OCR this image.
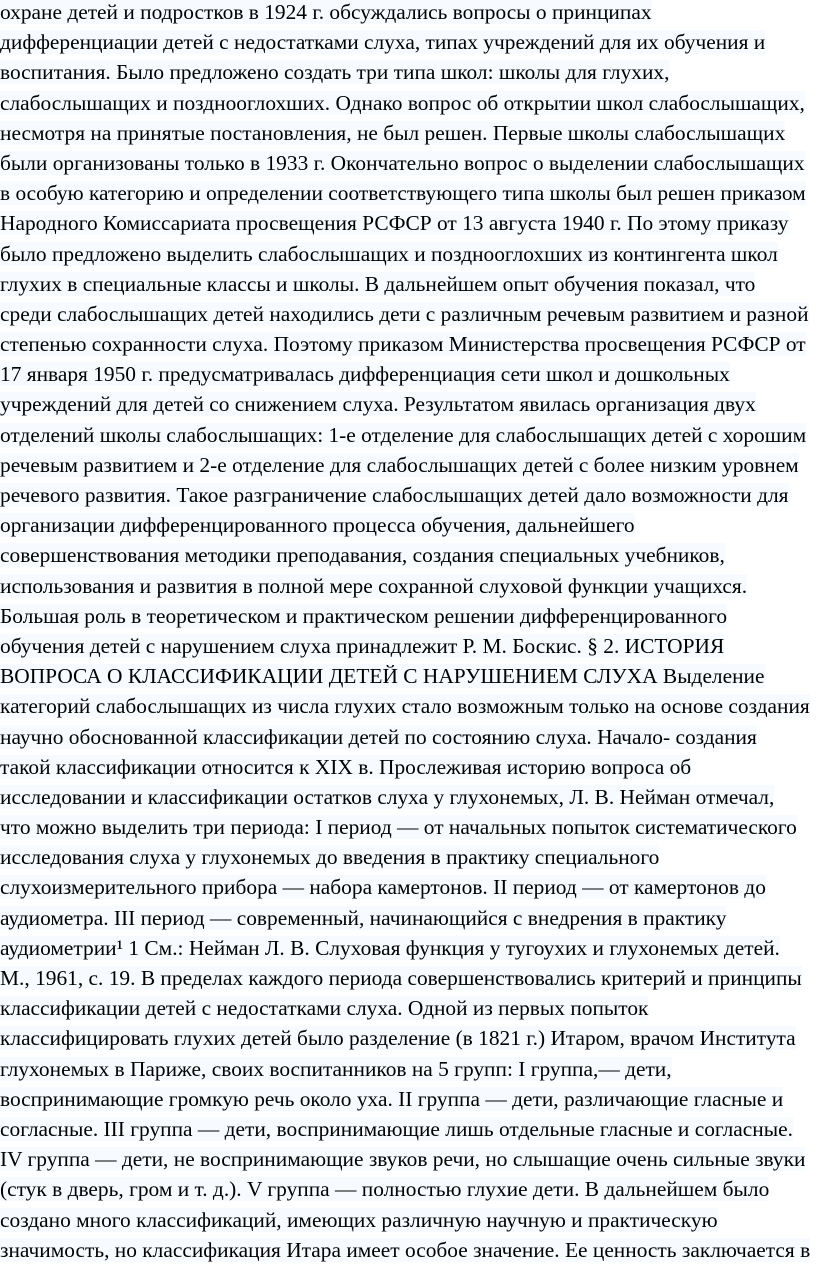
охране детей и подростков в 1924 г. обсуждались вопросы о принципах
дифференциации детей с недостатками слуха, типах учреждений для их обучения и
воспитания. Было предложено создать три типа школ: школы для глухих,
слабослышащих и позднооглохших. Однако вопрос об открытии школ слабослышащих,
несмотря на принятые постановления, не был решен. Первые школы слабослышащих
были организованы только в 1933 г. Окончательно вопрос о выделении слабослышащих
в особую категорию и определении соответствующего типа школы был решен приказом
Народного Комиссариата просвещения РСФСР от 13 августа 1940 г. По этому приказу
было предложено выделить слабослышащих и позднооглохших из контингента школ
глухих в специальные классы и школы. В дальнейшем опыт обучения показал, что
среди слабослышащих детей находились дети с различным речевым развитием и разной
степенью сохранности слуха. Поэтому приказом Министерства просвещения РСФСР от
17 января 1950 г. предусматривалась дифференциация сети школ и дошкольных
учреждений для детей со снижением слуха. Результатом явилась организация двух
отделений школы слабослышащих: 1-е отделение для слабослышащих детей с хорошим
речевым развитием и 2-е отделение для слабослышащих детей с более низким уровнем
речевого развития. Такое разграничение слабослышащих детей дало возможности для
организации дифференцированного процесса обучения, дальнейшего
совершенствования методики преподавания, создания специальных учебников,
использования и развития в полной мере сохранной слуховой функции учащихся.
Большая роль в теоретическом и практическом решении дифференцированного
обучения детей с нарушением слуха принадлежит Р. М. Боскис. § 2. ИСТОРИЯ
ВОПРОСА О КЛАССИФИКАЦИИ ДЕТЕЙ С НАРУШЕНИЕМ СЛУХА Выделение
категорий слабослышащих из числа глухих стало возможным только на основе создания
научно обоснованной классификации детей по состоянию слуха. Начало- создания
такой классификации относится к XIX в. Прослеживая историю вопроса об
исследовании и классификации остатков слуха у глухонемых, Л. В. Нейман отмечал,
что можно выделить три периода: I период — от начальных попыток систематического
исследования слуха у глухонемых до введения в практику специального
слухоизмерительного прибора — набора камертонов. II период — от камертонов до
аудиометра. III период — современный, начинающийся с внедрения в практику
аудиометрии¹ 1 См.: Нейман Л. В. Слуховая функция у тугоухих и глухонемых детей.
М., 1961, с. 19. В пределах каждого периода совершенствовались критерий и принципы
классификации детей с недостатками слуха. Одной из первых попыток
классифицировать глухих детей было разделение (в 1821 г.) Итаром, врачом Института
глухонемых в Париже, своих воспитанников на 5 групп: I группа,— дети,
воспринимающие громкую речь около уха. II группа — дети, различающие гласные и
согласные. III группа — дети, воспринимающие лишь отдельные гласные и согласные.
IV группа — дети, не воспринимающие звуков речи, но слышащие очень сильные звуки
(стук в дверь, гром и т. д.). V группа — полностью глухие дети. В дальнейшем было
создано много классификаций, имеющих различную научную и практическую
значимость, но классификация Итара имеет особое значение. Ее ценность заключается в
